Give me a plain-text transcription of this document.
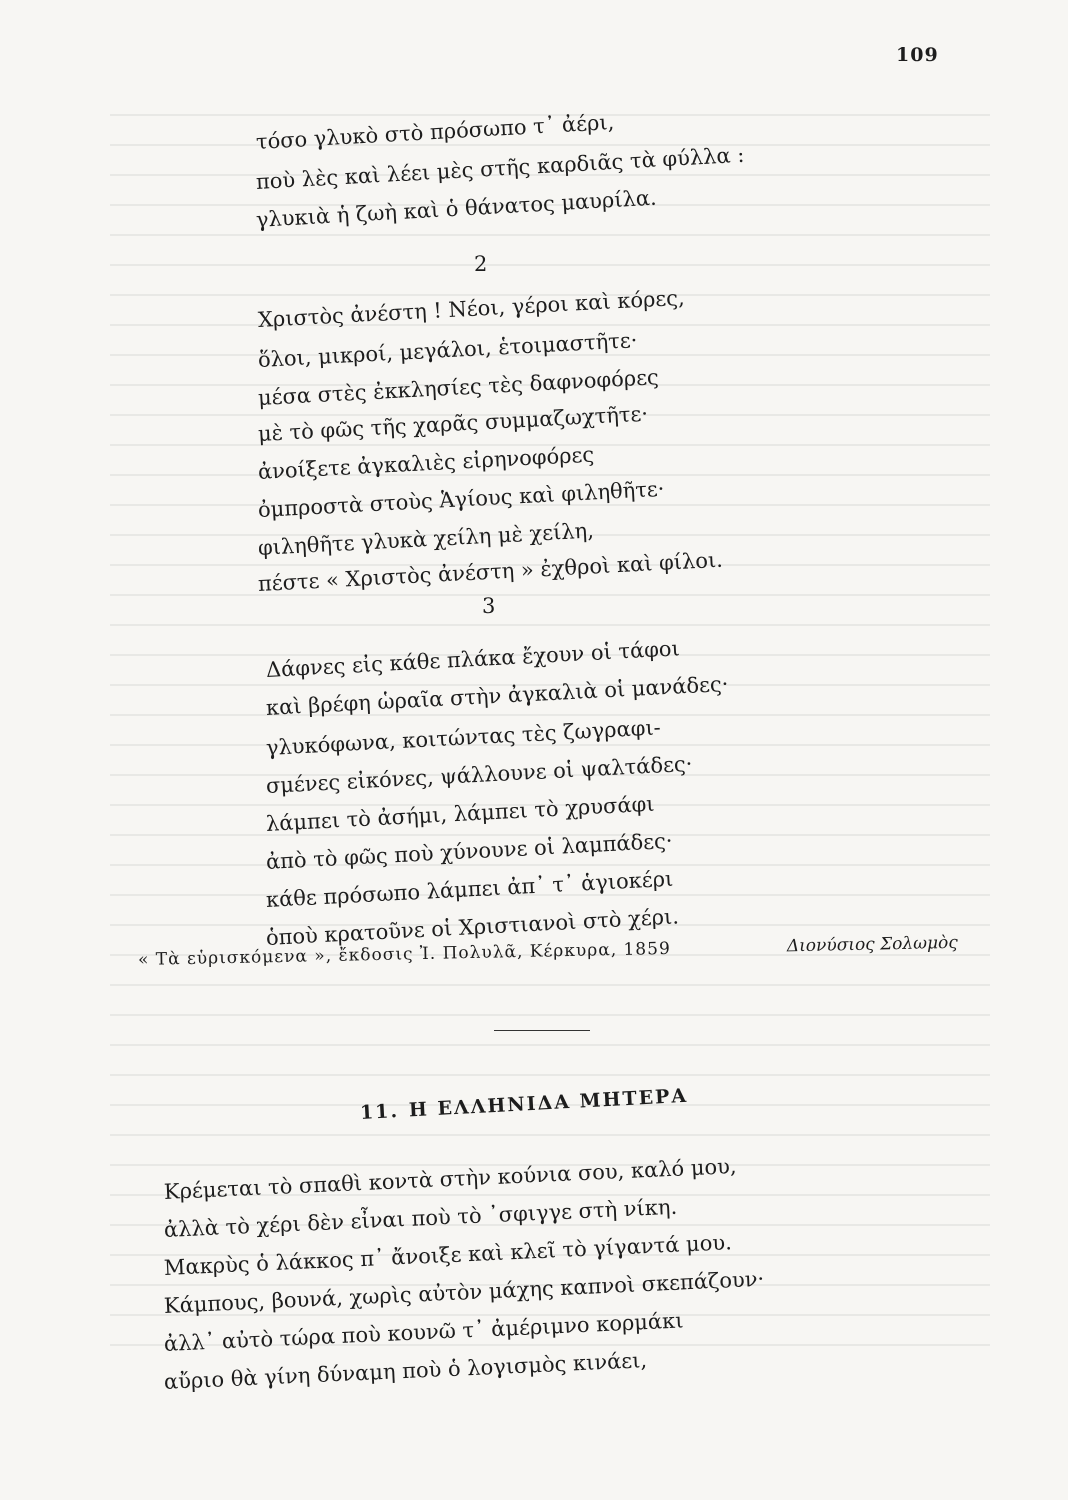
109
τόσο γλυκὸ στὸ πρόσωπο τ᾽ ἀέρι,
ποὺ λὲς καὶ λέει μὲς στῆς καρδιᾶς τὰ φύλλα :
γλυκιὰ ἡ ζωὴ καὶ ὁ θάνατος μαυρίλα.
2
Χριστὸς ἀνέστη ! Νέοι, γέροι καὶ κόρες,
ὅλοι, μικροί, μεγάλοι, ἑτοιμαστῆτε·
μέσα στὲς ἐκκλησίες τὲς δαφνοφόρες
μὲ τὸ φῶς τῆς χαρᾶς συμμαζωχτῆτε·
ἀνοίξετε ἀγκαλιὲς εἰρηνοφόρες
ὀμπροστὰ στοὺς Ἁγίους καὶ φιληθῆτε·
φιληθῆτε γλυκὰ χείλη μὲ χείλη,
πέστε « Χριστὸς ἀνέστη » ἐχθροὶ καὶ φίλοι.
3
Δάφνες εἰς κάθε πλάκα ἔχουν οἱ τάφοι
καὶ βρέφη ὡραῖα στὴν ἀγκαλιὰ οἱ μανάδες·
γλυκόφωνα, κοιτώντας τὲς ζωγραφι-
σμένες εἰκόνες, ψάλλουνε οἱ ψαλτάδες·
λάμπει τὸ ἀσήμι, λάμπει τὸ χρυσάφι
ἀπὸ τὸ φῶς ποὺ χύνουνε οἱ λαμπάδες·
κάθε πρόσωπο λάμπει ἀπ᾽ τ᾽ ἁγιοκέρι
ὁποὺ κρατοῦνε οἱ Χριστιανοὶ στὸ χέρι.
« Τὰ εὑρισκόμενα », ἔκδοσις Ἰ. Πολυλᾶ, Κέρκυρα, 1859	Διονύσιος Σολωμὸς
11. Η ΕΛΛΗΝΙΔΑ ΜΗΤΕΡΑ
Κρέμεται τὸ σπαθὶ κοντὰ στὴν κούνια σου, καλό μου,
ἀλλὰ τὸ χέρι δὲν εἶναι ποὺ τὸ ᾽σφιγγε στὴ νίκη.
Μακρὺς ὁ λάκκος π᾽ ἄνοιξε καὶ κλεῖ τὸ γίγαντά μου.
Κάμπους, βουνά, χωρὶς αὐτὸν μάχης καπνοὶ σκεπάζουν·
ἀλλ᾽ αὐτὸ τώρα ποὺ κουνῶ τ᾽ ἀμέριμνο κορμάκι
αὔριο θὰ γίνη δύναμη ποὺ ὁ λογισμὸς κινάει,
